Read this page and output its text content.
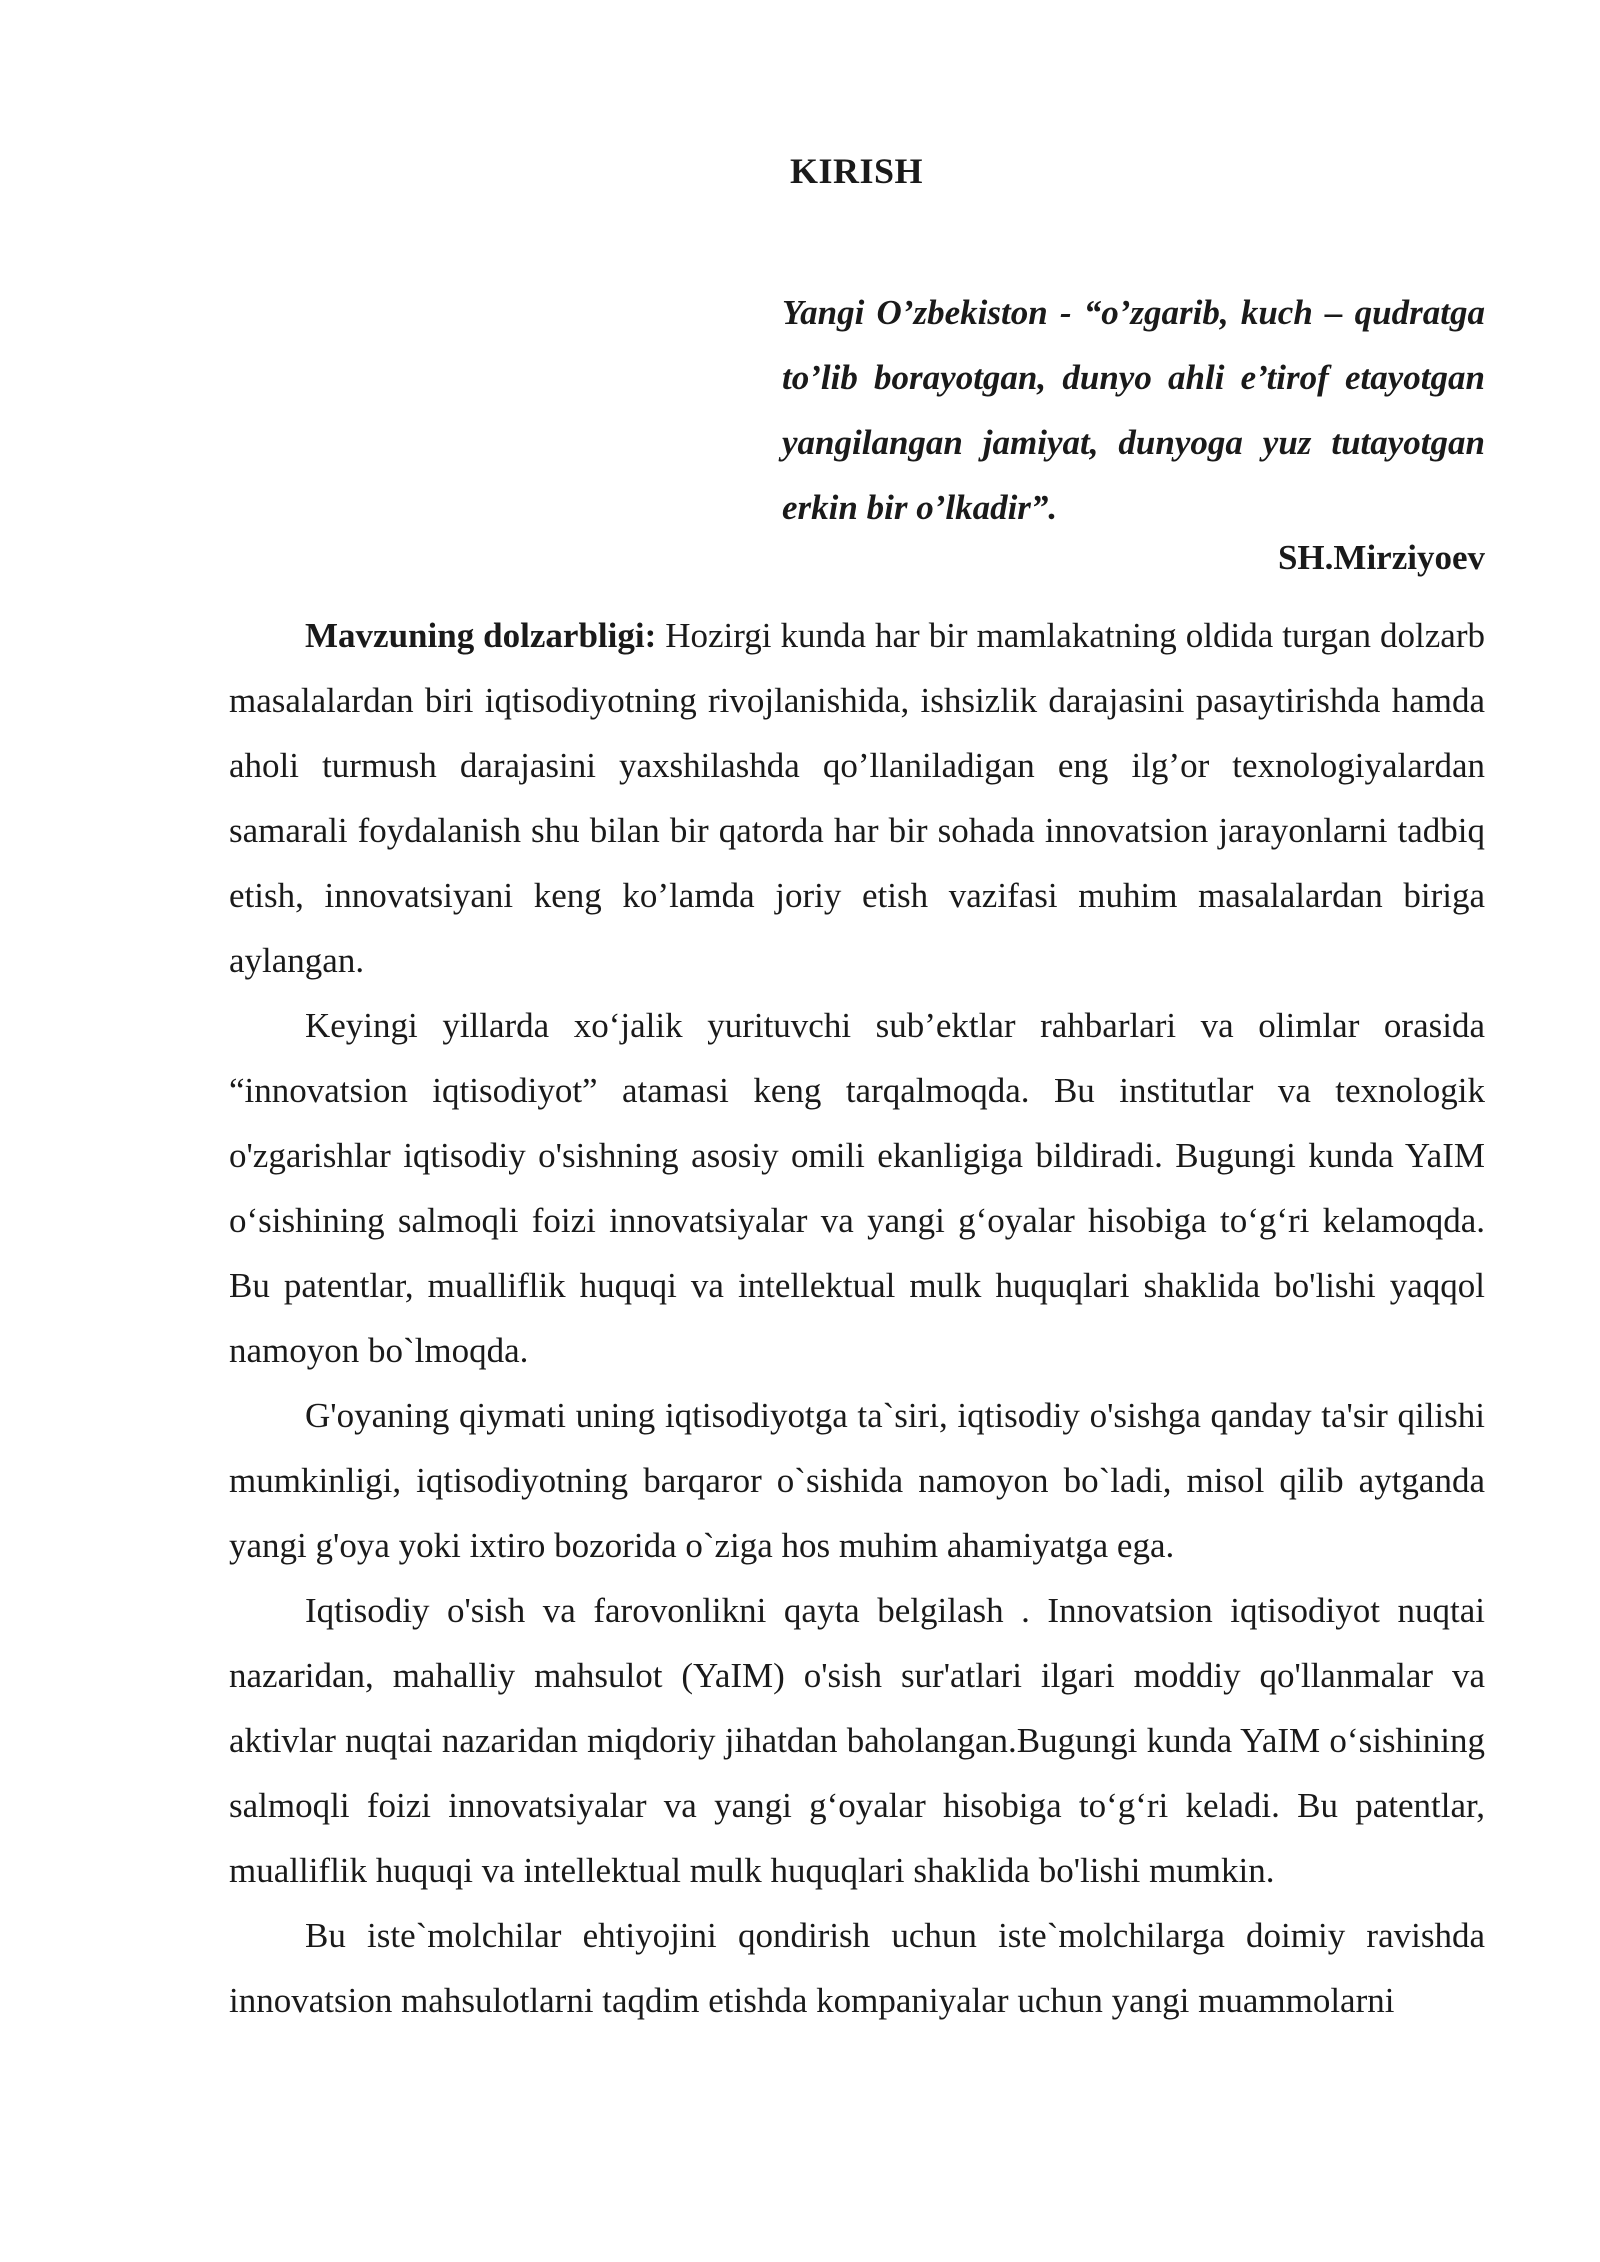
KIRISH

Yangi O’zbekiston - “o’zgarib, kuch – qudratga to’lib borayotgan, dunyo ahli e’tirof etayotgan yangilangan jamiyat, dunyoga yuz tutayotgan erkin bir o’lkadir”.

SH.Mirziyoev

Mavzuning dolzarbligi: Hozirgi kunda har bir mamlakatning oldida turgan dolzarb masalalardan biri iqtisodiyotning rivojlanishida, ishsizlik darajasini pasaytirishda hamda aholi turmush darajasini yaxshilashda qo’llaniladigan eng ilg’or texnologiyalardan samarali foydalanish shu bilan bir qatorda har bir sohada innovatsion jarayonlarni tadbiq etish, innovatsiyani keng ko’lamda joriy etish vazifasi muhim masalalardan biriga aylangan.

Keyingi yillarda xo‘jalik yurituvchi sub’ektlar rahbarlari va olimlar orasida “innovatsion iqtisodiyot” atamasi keng tarqalmoqda. Bu institutlar va texnologik o'zgarishlar iqtisodiy o'sishning asosiy omili ekanligiga bildiradi. Bugungi kunda YaIM o‘sishining salmoqli foizi innovatsiyalar va yangi g‘oyalar hisobiga to‘g‘ri kelamoqda. Bu patentlar, mualliflik huquqi va intellektual mulk huquqlari shaklida bo'lishi yaqqol namoyon bo`lmoqda.

G'oyaning qiymati uning iqtisodiyotga ta`siri, iqtisodiy o'sishga qanday ta'sir qilishi mumkinligi, iqtisodiyotning barqaror o`sishida namoyon bo`ladi, misol qilib aytganda yangi g'oya yoki ixtiro bozorida o`ziga hos muhim ahamiyatga ega.

Iqtisodiy o'sish va farovonlikni qayta belgilash . Innovatsion iqtisodiyot nuqtai nazaridan, mahalliy mahsulot (YaIM) o'sish sur'atlari ilgari moddiy qo'llanmalar va aktivlar nuqtai nazaridan miqdoriy jihatdan baholangan.Bugungi kunda YaIM o‘sishining salmoqli foizi innovatsiyalar va yangi g‘oyalar hisobiga to‘g‘ri keladi. Bu patentlar, mualliflik huquqi va intellektual mulk huquqlari shaklida bo'lishi mumkin.

Bu iste`molchilar ehtiyojini qondirish uchun iste`molchilarga doimiy ravishda innovatsion mahsulotlarni taqdim etishda kompaniyalar uchun yangi muammolarni
